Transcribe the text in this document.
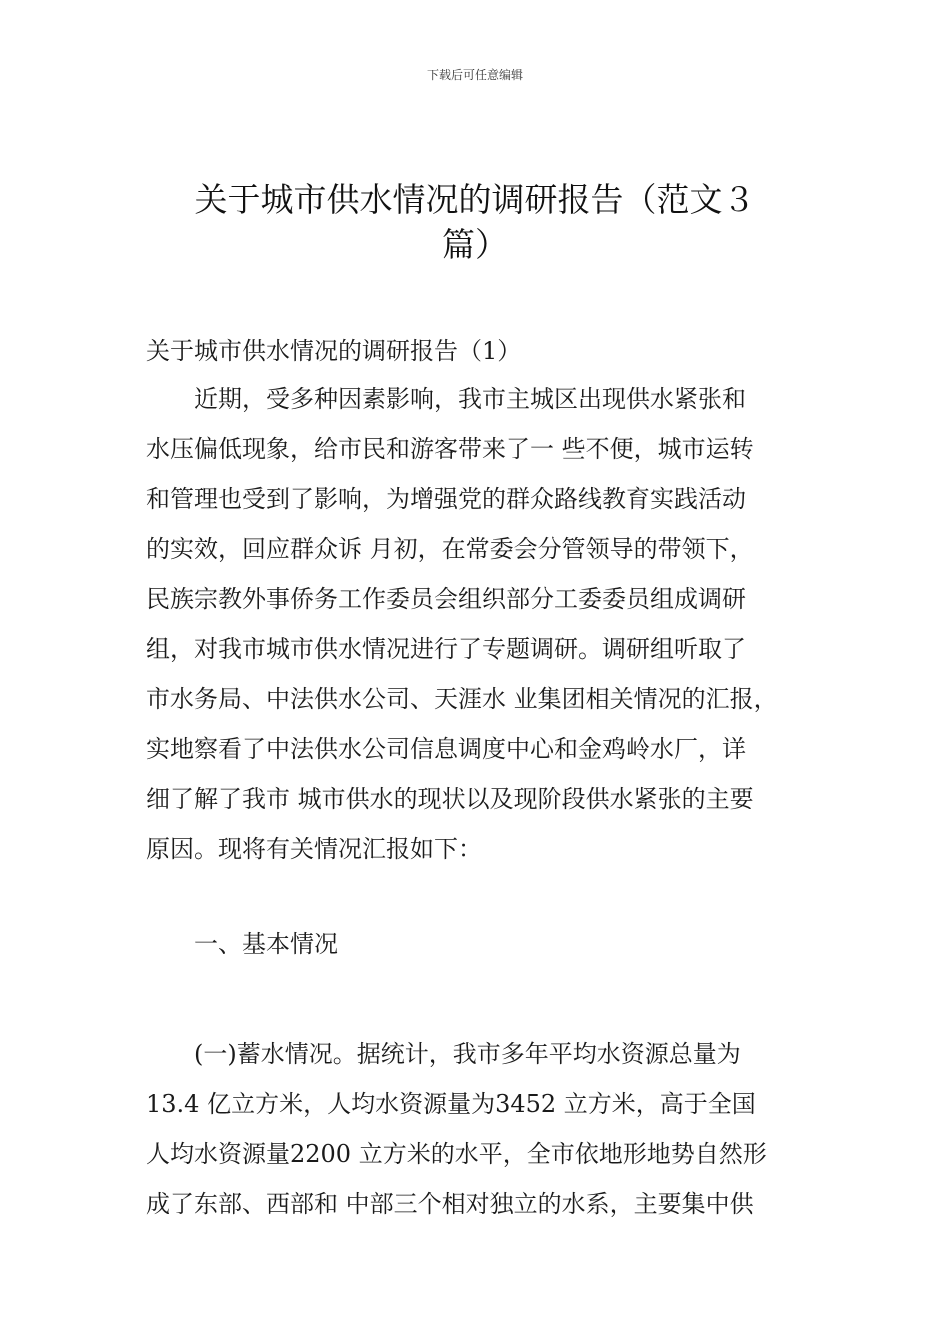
下载后可任意编辑
关于城市供水情况的调研报告（范文３
篇）
关于城市供水情况的调研报告（1）
　　近期，受多种因素影响，我市主城区出现供水紧张和
水压偏低现象，给市民和游客带来了一 些不便，城市运转
和管理也受到了影响，为增强党的群众路线教育实践活动
的实效，回应群众诉 月初，在常委会分管领导的带领下，
民族宗教外事侨务工作委员会组织部分工委委员组成调研
组，对我市城市供水情况进行了专题调研。调研组听取了
市水务局、中法供水公司、天涯水 业集团相关情况的汇报，
实地察看了中法供水公司信息调度中心和金鸡岭水厂，详
细了解了我市 城市供水的现状以及现阶段供水紧张的主要
原因。现将有关情况汇报如下：
一、基本情况
　　(一)蓄水情况。据统计，我市多年平均水资源总量为
13.4 亿立方米，人均水资源量为3452 立方米，高于全国
人均水资源量2200 立方米的水平，全市依地形地势自然形
成了东部、西部和 中部三个相对独立的水系，主要集中供
